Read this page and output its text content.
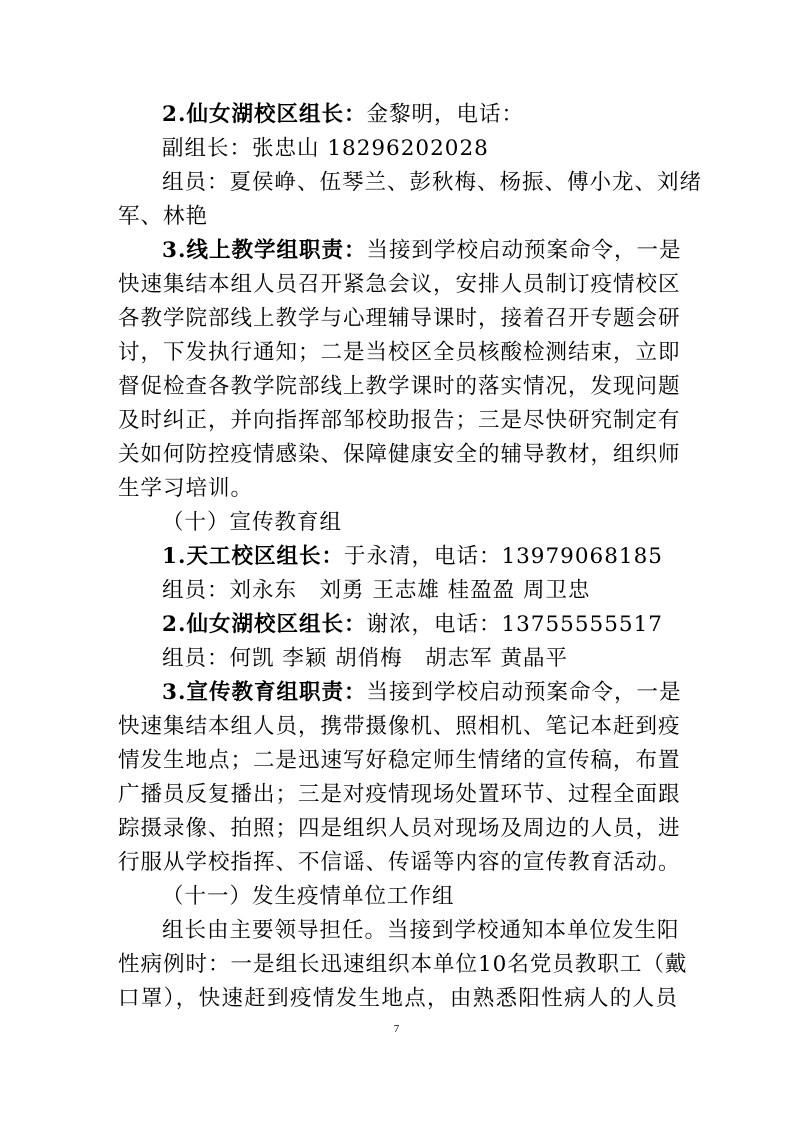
2.仙女湖校区组长：金黎明，电话：
副组长：张忠山 18296202028
组员：夏侯峥、伍琴兰、彭秋梅、杨振、傅小龙、刘绪
军、林艳
3.线上教学组职责：当接到学校启动预案命令，一是
快速集结本组人员召开紧急会议，安排人员制订疫情校区
各教学院部线上教学与心理辅导课时，接着召开专题会研
讨，下发执行通知；二是当校区全员核酸检测结束，立即
督促检查各教学院部线上教学课时的落实情况，发现问题
及时纠正，并向指挥部邹校助报告；三是尽快研究制定有
关如何防控疫情感染、保障健康安全的辅导教材，组织师
生学习培训。
（十）宣传教育组
1.天工校区组长：于永清，电话：13979068185
组员：刘永东　刘勇 王志雄 桂盈盈 周卫忠
2.仙女湖校区组长：谢浓，电话：13755555517
组员：何凯 李颖 胡俏梅　胡志军 黄晶平
3.宣传教育组职责：当接到学校启动预案命令，一是
快速集结本组人员，携带摄像机、照相机、笔记本赶到疫
情发生地点；二是迅速写好稳定师生情绪的宣传稿，布置
广播员反复播出；三是对疫情现场处置环节、过程全面跟
踪摄录像、拍照；四是组织人员对现场及周边的人员，进
行服从学校指挥、不信谣、传谣等内容的宣传教育活动。
（十一）发生疫情单位工作组
组长由主要领导担任。当接到学校通知本单位发生阳
性病例时：一是组长迅速组织本单位10名党员教职工（戴
口罩），快速赶到疫情发生地点，由熟悉阳性病人的人员
7
